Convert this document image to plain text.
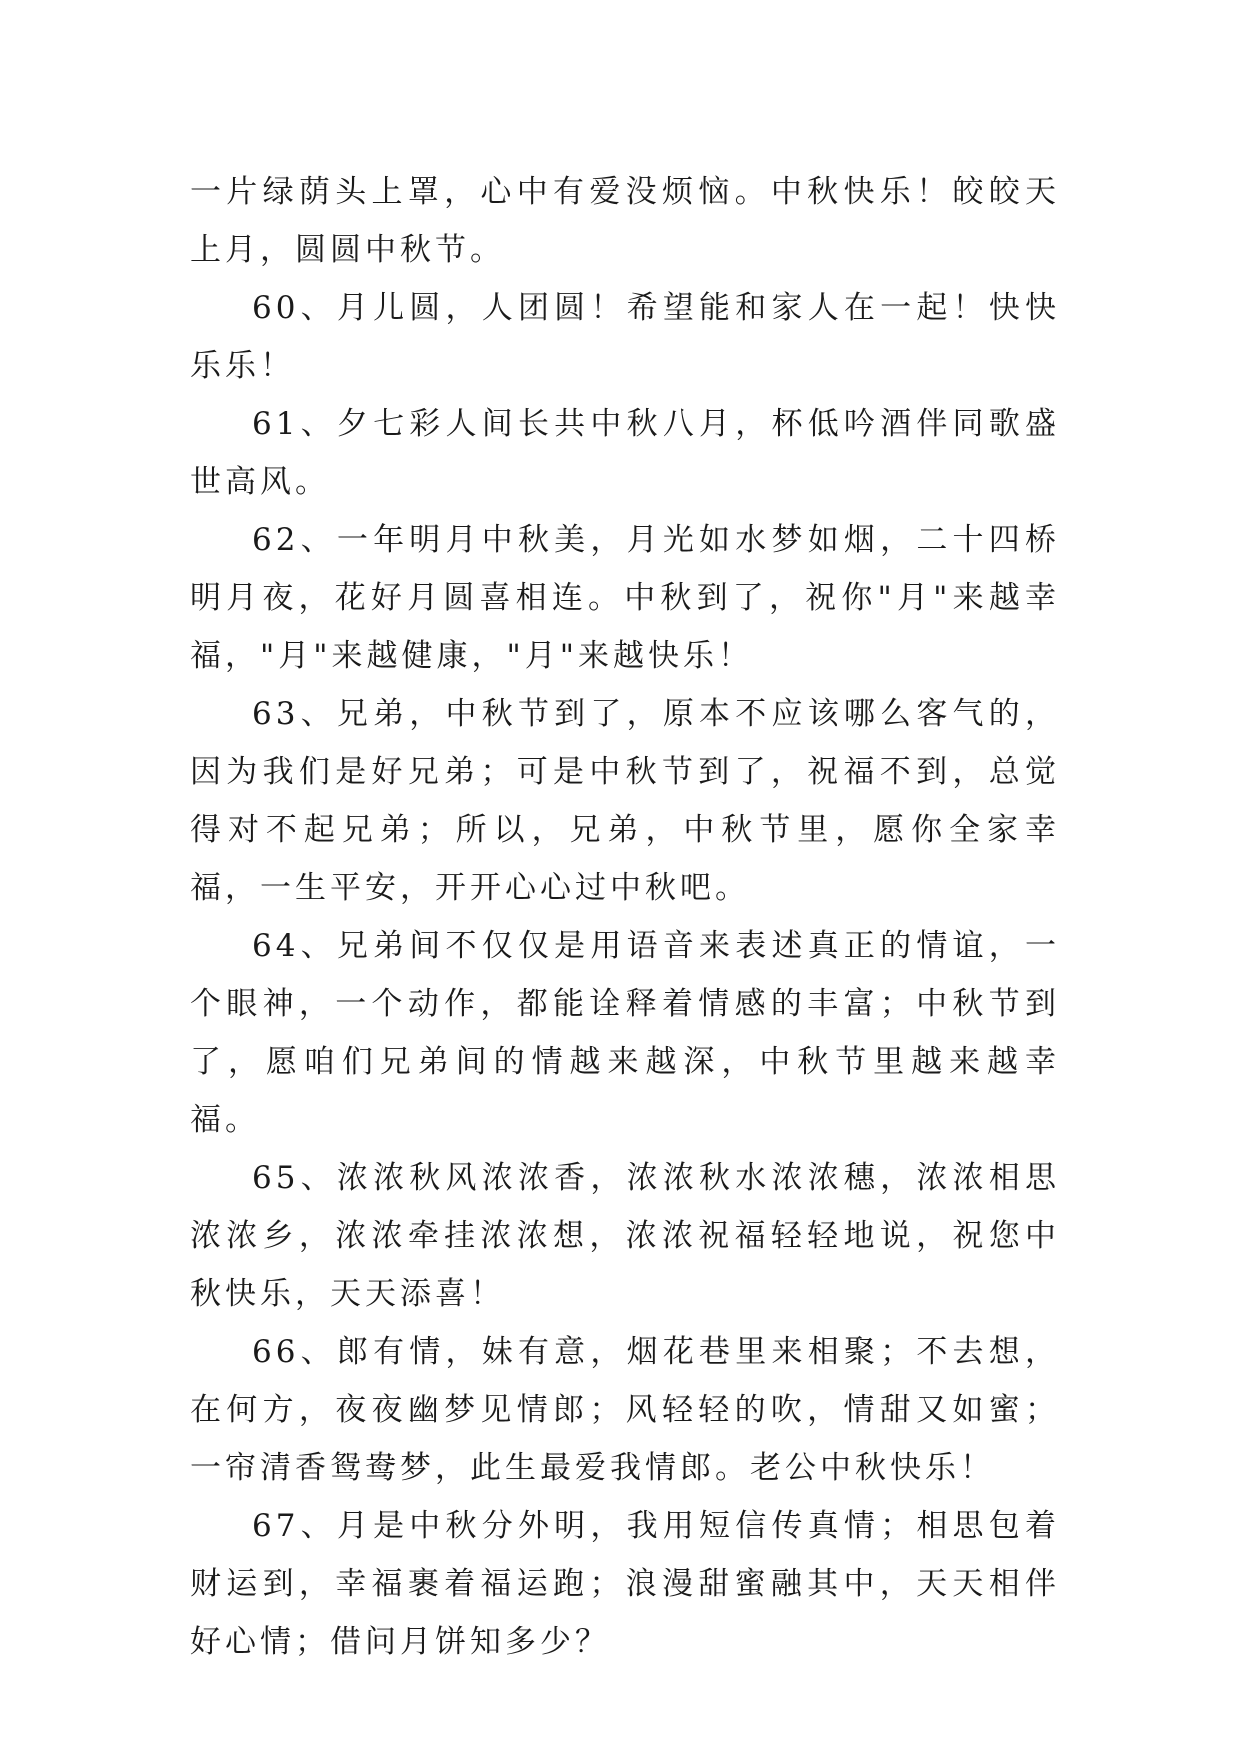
一片绿荫头上罩，心中有爱没烦恼。中秋快乐！皎皎天上月，圆圆中秋节。

60、月儿圆，人团圆！希望能和家人在一起！快快乐乐！

61、夕七彩人间长共中秋八月，杯低吟酒伴同歌盛世高风。

62、一年明月中秋美，月光如水梦如烟，二十四桥明月夜，花好月圆喜相连。中秋到了，祝你"月"来越幸福，"月"来越健康，"月"来越快乐！

63、兄弟，中秋节到了，原本不应该哪么客气的，因为我们是好兄弟；可是中秋节到了，祝福不到，总觉得对不起兄弟；所以，兄弟，中秋节里，愿你全家幸福，一生平安，开开心心过中秋吧。

64、兄弟间不仅仅是用语音来表述真正的情谊，一个眼神，一个动作，都能诠释着情感的丰富；中秋节到了，愿咱们兄弟间的情越来越深，中秋节里越来越幸福。

65、浓浓秋风浓浓香，浓浓秋水浓浓穗，浓浓相思浓浓乡，浓浓牵挂浓浓想，浓浓祝福轻轻地说，祝您中秋快乐，天天添喜！

66、郎有情，妹有意，烟花巷里来相聚；不去想，在何方，夜夜幽梦见情郎；风轻轻的吹，情甜又如蜜；一帘清香鸳鸯梦，此生最爱我情郎。老公中秋快乐！

67、月是中秋分外明，我用短信传真情；相思包着财运到，幸福裹着福运跑；浪漫甜蜜融其中，天天相伴好心情；借问月饼知多少？
